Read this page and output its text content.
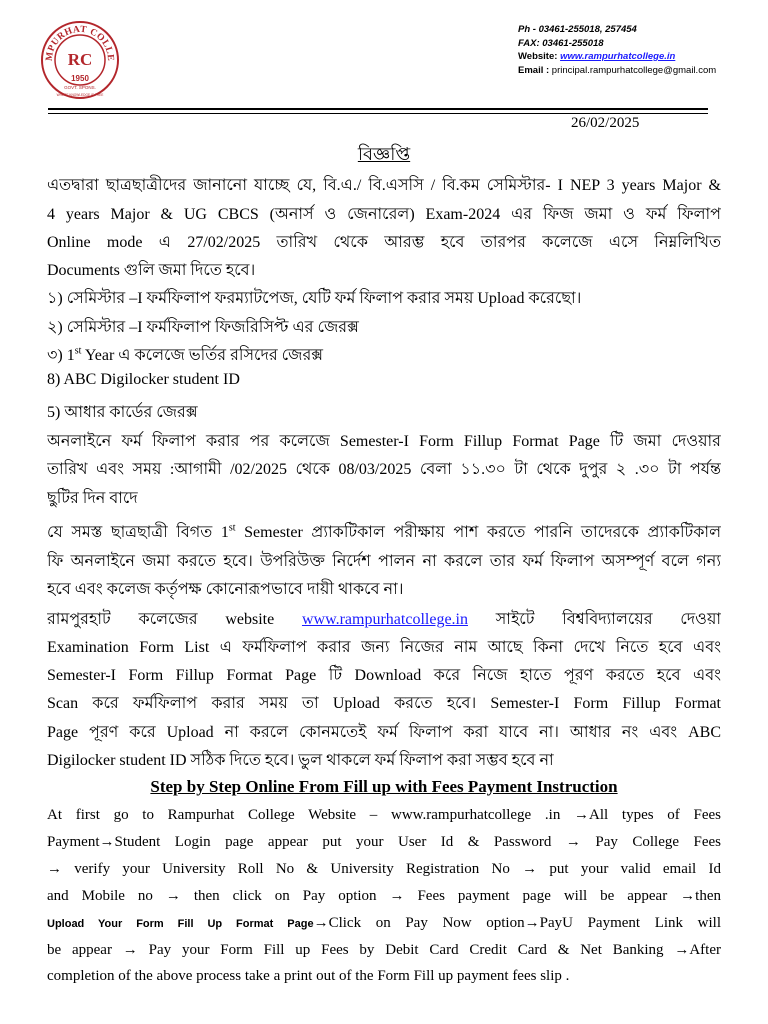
MPURHAT COLLE
RC
1950
GOVT. SPONS.
WHERE KNOWLEDGE IS FREE
Ph - 03461-255018, 257454
FAX: 03461-255018
Website: www.rampurhatcollege.in
Email : principal.rampurhatcollege@gmail.com
26/02/2025
বিজ্ঞপ্তি
এতদ্বারা ছাত্রছাত্রীদের জানানো যাচ্ছে যে, বি.এ./ বি.এসসি / বি.কম সেমিস্টার- I NEP 3 years Major &
4 years Major & UG CBCS (অনার্স ও জেনারেল) Exam-2024 এর ফিজ জমা ও ফর্ম ফিলাপ
Online mode এ 27/02/2025 তারিখ থেকে আরম্ভ হবে তারপর কলেজে এসে নিম্নলিখিত
Documents গুলি জমা দিতে হবে।
১) সেমিস্টার –I ফর্মফিলাপ ফরম্যাটপেজ, যেটি ফর্ম ফিলাপ করার সময় Upload করেছো।
২) সেমিস্টার –I ফর্মফিলাপ ফিজরিসিপ্ট এর জেরক্স
৩) 1st Year এ কলেজে ভর্তির রসিদের জেরক্স
8) ABC Digilocker student ID
5) আধার কার্ডের জেরক্স
অনলাইনে ফর্ম ফিলাপ করার পর কলেজে Semester-I Form Fillup Format Page টি জমা দেওয়ার
তারিখ এবং সময় :আগামী /02/2025 থেকে 08/03/2025 বেলা ১১.৩০ টা থেকে দুপুর ২ .৩০ টা পর্যন্ত
ছুটির দিন বাদে
যে সমস্ত ছাত্রছাত্রী বিগত 1st Semester প্র্যাকটিকাল পরীক্ষায় পাশ করতে পারনি তাদেরকে প্র্যাকটিকাল
ফি অনলাইনে জমা করতে হবে। উপরিউক্ত নির্দেশ পালন না করলে তার ফর্ম ফিলাপ অসম্পূর্ণ বলে গন্য
হবে এবং কলেজ কর্তৃপক্ষ কোনোরূপভাবে দায়ী থাকবে না।
রামপুরহাট কলেজের website www.rampurhatcollege.in সাইটে বিশ্ববিদ্যালয়ের দেওয়া
Examination Form List এ ফর্মফিলাপ করার জন্য নিজের নাম আছে কিনা দেখে নিতে হবে এবং
Semester-I Form Fillup Format Page টি Download করে নিজে হাতে পূরণ করতে হবে এবং
Scan করে ফর্মফিলাপ করার সময় তা Upload করতে হবে। Semester-I Form Fillup Format
Page পূরণ করে Upload না করলে কোনমতেই ফর্ম ফিলাপ করা যাবে না। আধার নং এবং ABC
Digilocker student ID সঠিক দিতে হবে। ভুল থাকলে ফর্ম ফিলাপ করা সম্ভব হবে না
Step by Step Online From Fill up with Fees Payment Instruction
At first go to Rampurhat College Website – www.rampurhatcollege .in →All types of Fees
Payment→Student Login page appear put your User Id & Password → Pay College Fees
→ verify your University Roll No & University Registration No → put your valid email Id
and Mobile no → then click on Pay option → Fees payment page will be appear →then
Upload Your Form Fill Up Format Page→Click on Pay Now option→PayU Payment Link will
be appear → Pay your Form Fill up Fees by Debit Card Credit Card & Net Banking →After
completion of the above process take a print out of the Form Fill up payment fees slip .
